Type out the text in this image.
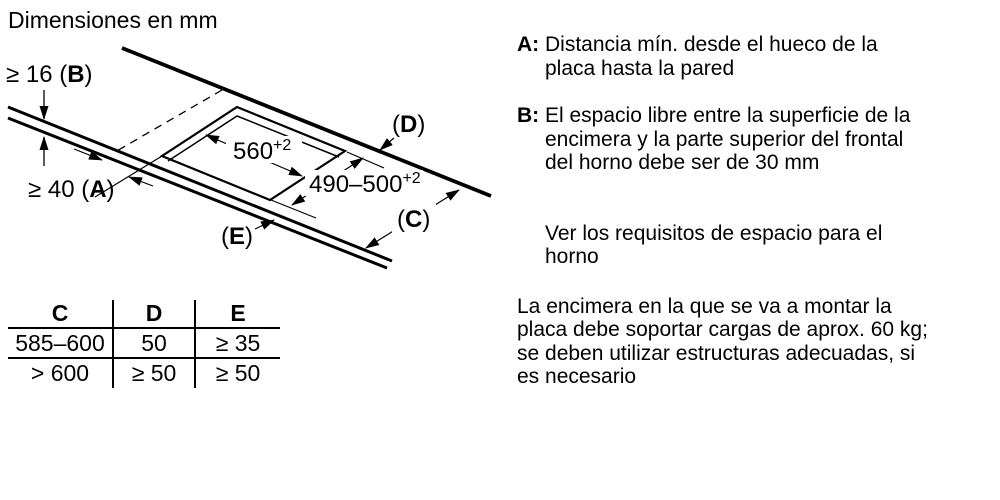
Dimensiones en mm
≥ 16 (B)
≥ 40 (A)
$560^{+2}$
$490-500^{+2}$
(D)
(C)
(E)
C	D	E
585–600	50	≥ 35
> 600	≥ 50	≥ 50

A: Distancia mín. desde el hueco de la
placa hasta la pared

B: El espacio libre entre la superficie de la
encimera y la parte superior del frontal
del horno debe ser de 30 mm

Ver los requisitos de espacio para el
horno

La encimera en la que se va a montar la
placa debe soportar cargas de aprox. 60 kg;
se deben utilizar estructuras adecuadas, si
es necesario
